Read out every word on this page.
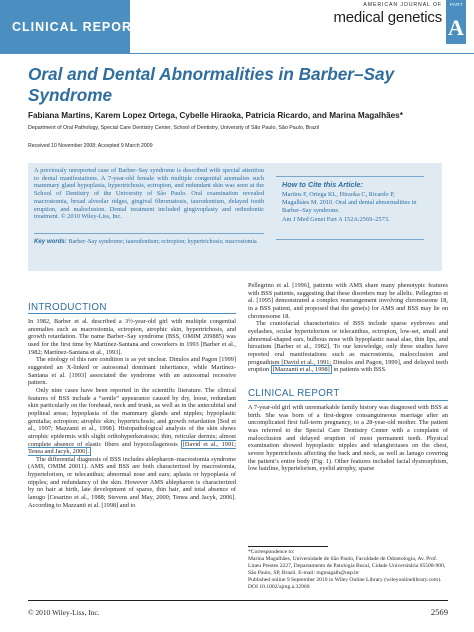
CLINICAL REPORT
AMERICAN JOURNAL OF
medical genetics
PART
A
Oral and Dental Abnormalities in Barber–Say Syndrome
Fabiana Martins, Karem Lopez Ortega, Cybelle Hiraoka, Patricia Ricardo, and Marina Magalhães*
Department of Oral Pathology, Special Care Dentistry Center, School of Dentistry, University of São Paulo, São Paulo, Brazil
Received 10 November 2008; Accepted 9 March 2009
A previously unreported case of Barber–Say syndrome is described with special attention to dental manifestations. A 7-year-old female with multiple congenital anomalies such mammary gland hypoplasia, hypertrichosis, ectropion, and redundant skin was seen at the School of Dentistry of the University of São Paulo. Oral examination revealed macrostomia, broad alveolar ridges, gingival fibromatosis, taurodontism, delayed tooth eruption, and maloclusion. Dental treatment included gingivoplasty and orthodontic treatment. © 2010 Wiley-Liss, Inc.
Key words: Barber–Say syndrome; taurodontism; ectropion; hypertrichosis; macrostomia
How to Cite this Article:
Martins F, Ortega KL, Hiraoka C, Ricardo P, Magalhães M. 2010. Oral and dental abnormalities in Barber–Say syndrome.
Am J Med Genet Part A 152A:2569–2573.
INTRODUCTION

In 1982, Barber et al. described a 3½-year-old girl with multiple congenital anomalies such as macrostomia, ectropion, atrophic skin, hypertrichosis, and growth retardation. The name Barber–Say syndrome (BSS, OMIM 209885) was used for the first time by Martínez-Santana and coworkers in 1993 [Barber et al., 1982; Martínez-Santana et al., 1993].

The etiology of this rare condition is as yet unclear. Dinulos and Pagon [1999] suggested an X-linked or autosomal dominant inheritance, while Martínez-Santana et al. [1993] associated the syndrome with an autosomal recessive pattern.

Only nine cases have been reported in the scientific literature. The clinical features of BSS include a “senile” appearance caused by dry, loose, redundant skin particularly on the forehead, neck and trunk, as well as in the antecubital and popliteal areas; hypoplasia of the mammary glands and nipples; hypoplastic genitalia; ectropion; atrophic skin; hypertrichosis; and growth retardation [Sod et al., 1997; Mazzanti et al., 1998]. Histopathological analysis of the skin shows atrophic epidermis with slight orthohyperkeratosis; thin, reticular dermis; almost complete absence of elastic fibers and hypocollagenosis [David et al., 1991; Tenea and Jacyk, 2006].

The differential diagnosis of BSS includes ablepharon–macrostomia syndrome (AMS, OMIM 20011). AMS and BSS are both characterized by macrostomia, hypertelorism, or telecanthus; abnormal nose and ears; aplasia or hypoplasia of nipples; and redundancy of the skin. However AMS ablepharon is characterized by no hair at birth, late development of sparse, thin hair, and total absence of lanugo [Cesarino et al., 1988; Stevens and May, 2000; Tenea and Jacyk, 2006]. According to Mazzanti et al. [1998] and to

Pellegrino et al. [1996], patients with AMS share many phenotypic features with BSS patients, suggesting that these disorders may be allelic. Pellegrino et al. [1995] demonstrated a complex rearrangement involving chromosome 18, in a BSS patient, and proposed that the gene(s) for AMS and BSS may lie on chromosome 18.

The craniofacial characteristics of BSS include sparse eyebrows and eyelashes, ocular hypertelorism or telecanthus, ectropion, low-set, small and abnormal-shaped ears, bulbous nose with hypoplastic nasal alae, thin lips, and hirsutism [Barber et al., 1982]. To our knowledge, only three studies have reported oral manifestations such as macrostomia, malocclusion and prognathism [David et al., 1991; Dinulos and Pagon, 1999], and delayed teeth eruption [Mazzanti et al., 1998] in patients with BSS.

CLINICAL REPORT

A 7-year-old girl with unremarkable family history was diagnosed with BSS at birth. She was born of a first-degree consanguineous marriage after an uncomplicated first full-term pregnancy, to a 28-year-old mother. The patient was referred to the Special Care Dentistry Center with a complaint of malocclusion and delayed eruption of most permanent teeth. Physical examination showed hypoplastic nipples and telangiectases on the chest, severe hypertrichosis affecting the back and neck, as well as lanugo covering the patient’s entire body (Fig. 1). Other features included facial dysmorphism, low hairline, hypertelorism, eyelid atrophy, sparse

*Correspondence to:
Marina Magalhães, Universidade de São Paulo, Faculdade de Odontologia, Av. Prof. Lineu Prestes 2227, Departamento de Patologia Bucal, Cidade Universitária 05508-900, São Paulo, SP, Brazil. E-mail: mgmagalh@usp.br
Published online 9 September 2010 in Wiley Online Library (wileyonlinelibrary.com).
DOI 10.1002/ajmg.a.32960
© 2010 Wiley-Liss, Inc.	2569
